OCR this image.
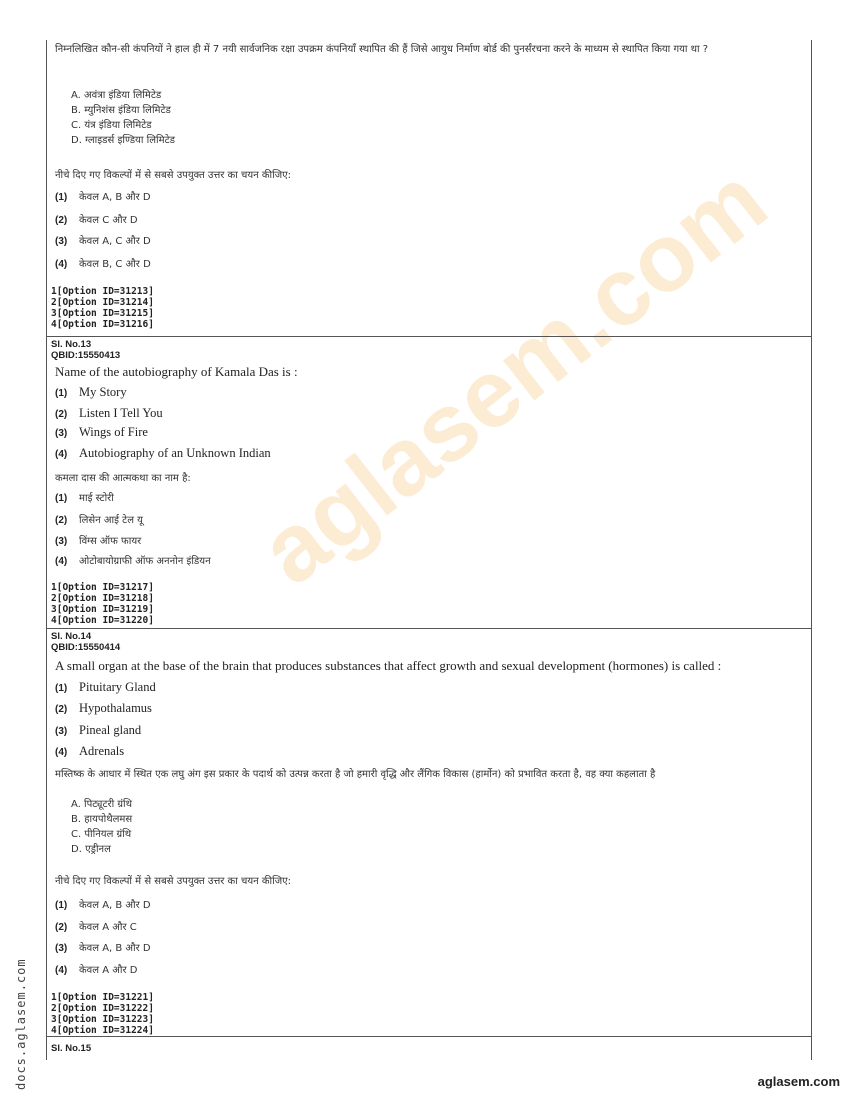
aglasem.com
निम्नलिखित कौन-सी कंपनियों ने हाल ही में 7 नयी सार्वजनिक रक्षा उपक्रम कंपनियाँ स्थापित की हैं जिसे आयुध निर्माण बोर्ड की पुनर्संरचना करने के माध्यम से स्थापित किया गया था ?
A. अवंत्रा इंडिया लिमिटेड
B. म्युनिशंस इंडिया लिमिटेड
C. यंत्र इंडिया लिमिटेड
D. ग्लाइडर्स इण्डिया लिमिटेड
नीचे दिए गए विकल्पों में से सबसे उपयुक्त उत्तर का चयन कीजिए:
(1)	केवल A, B और D
(2)	केवल C और D
(3)	केवल A, C और D
(4)	केवल B, C और D
1[Option ID=31213]
2[Option ID=31214]
3[Option ID=31215]
4[Option ID=31216]
Sl. No.13
QBID:15550413
Name of the autobiography of Kamala Das is :
(1) My Story
(2) Listen I Tell You
(3) Wings of Fire
(4) Autobiography of an Unknown Indian
कमला दास की आत्मकथा का नाम है:
(1)	माई स्टोरी
(2)	लिसेन आई टेल यू
(3)	विंग्स ऑफ फायर
(4)	ओटोबायोग्राफी ऑफ अननोन इंडियन
1[Option ID=31217]
2[Option ID=31218]
3[Option ID=31219]
4[Option ID=31220]
Sl. No.14
QBID:15550414
A small organ at the base of the brain that produces substances that affect growth and sexual development (hormones) is called :
(1) Pituitary Gland
(2) Hypothalamus
(3) Pineal gland
(4) Adrenals
मस्तिष्क के आधार में स्थित एक लघु अंग इस प्रकार के पदार्थ को उत्पन्न करता है जो हमारी वृद्धि और लैंगिक विकास (हार्मोन) को प्रभावित करता है, वह क्या कहलाता है
A. पिट्यूटरी ग्रंथि
B. हायपोथैलमस
C. पीनियल ग्रंथि
D. एड्रीनल
नीचे दिए गए विकल्पों में से सबसे उपयुक्त उत्तर का चयन कीजिए:
(1)	केवल A, B और D
(2)	केवल A और C
(3)	केवल A, B और D
(4)	केवल A और D
1[Option ID=31221]
2[Option ID=31222]
3[Option ID=31223]
4[Option ID=31224]
Sl. No.15
docs.aglasem.com	aglasem.com
